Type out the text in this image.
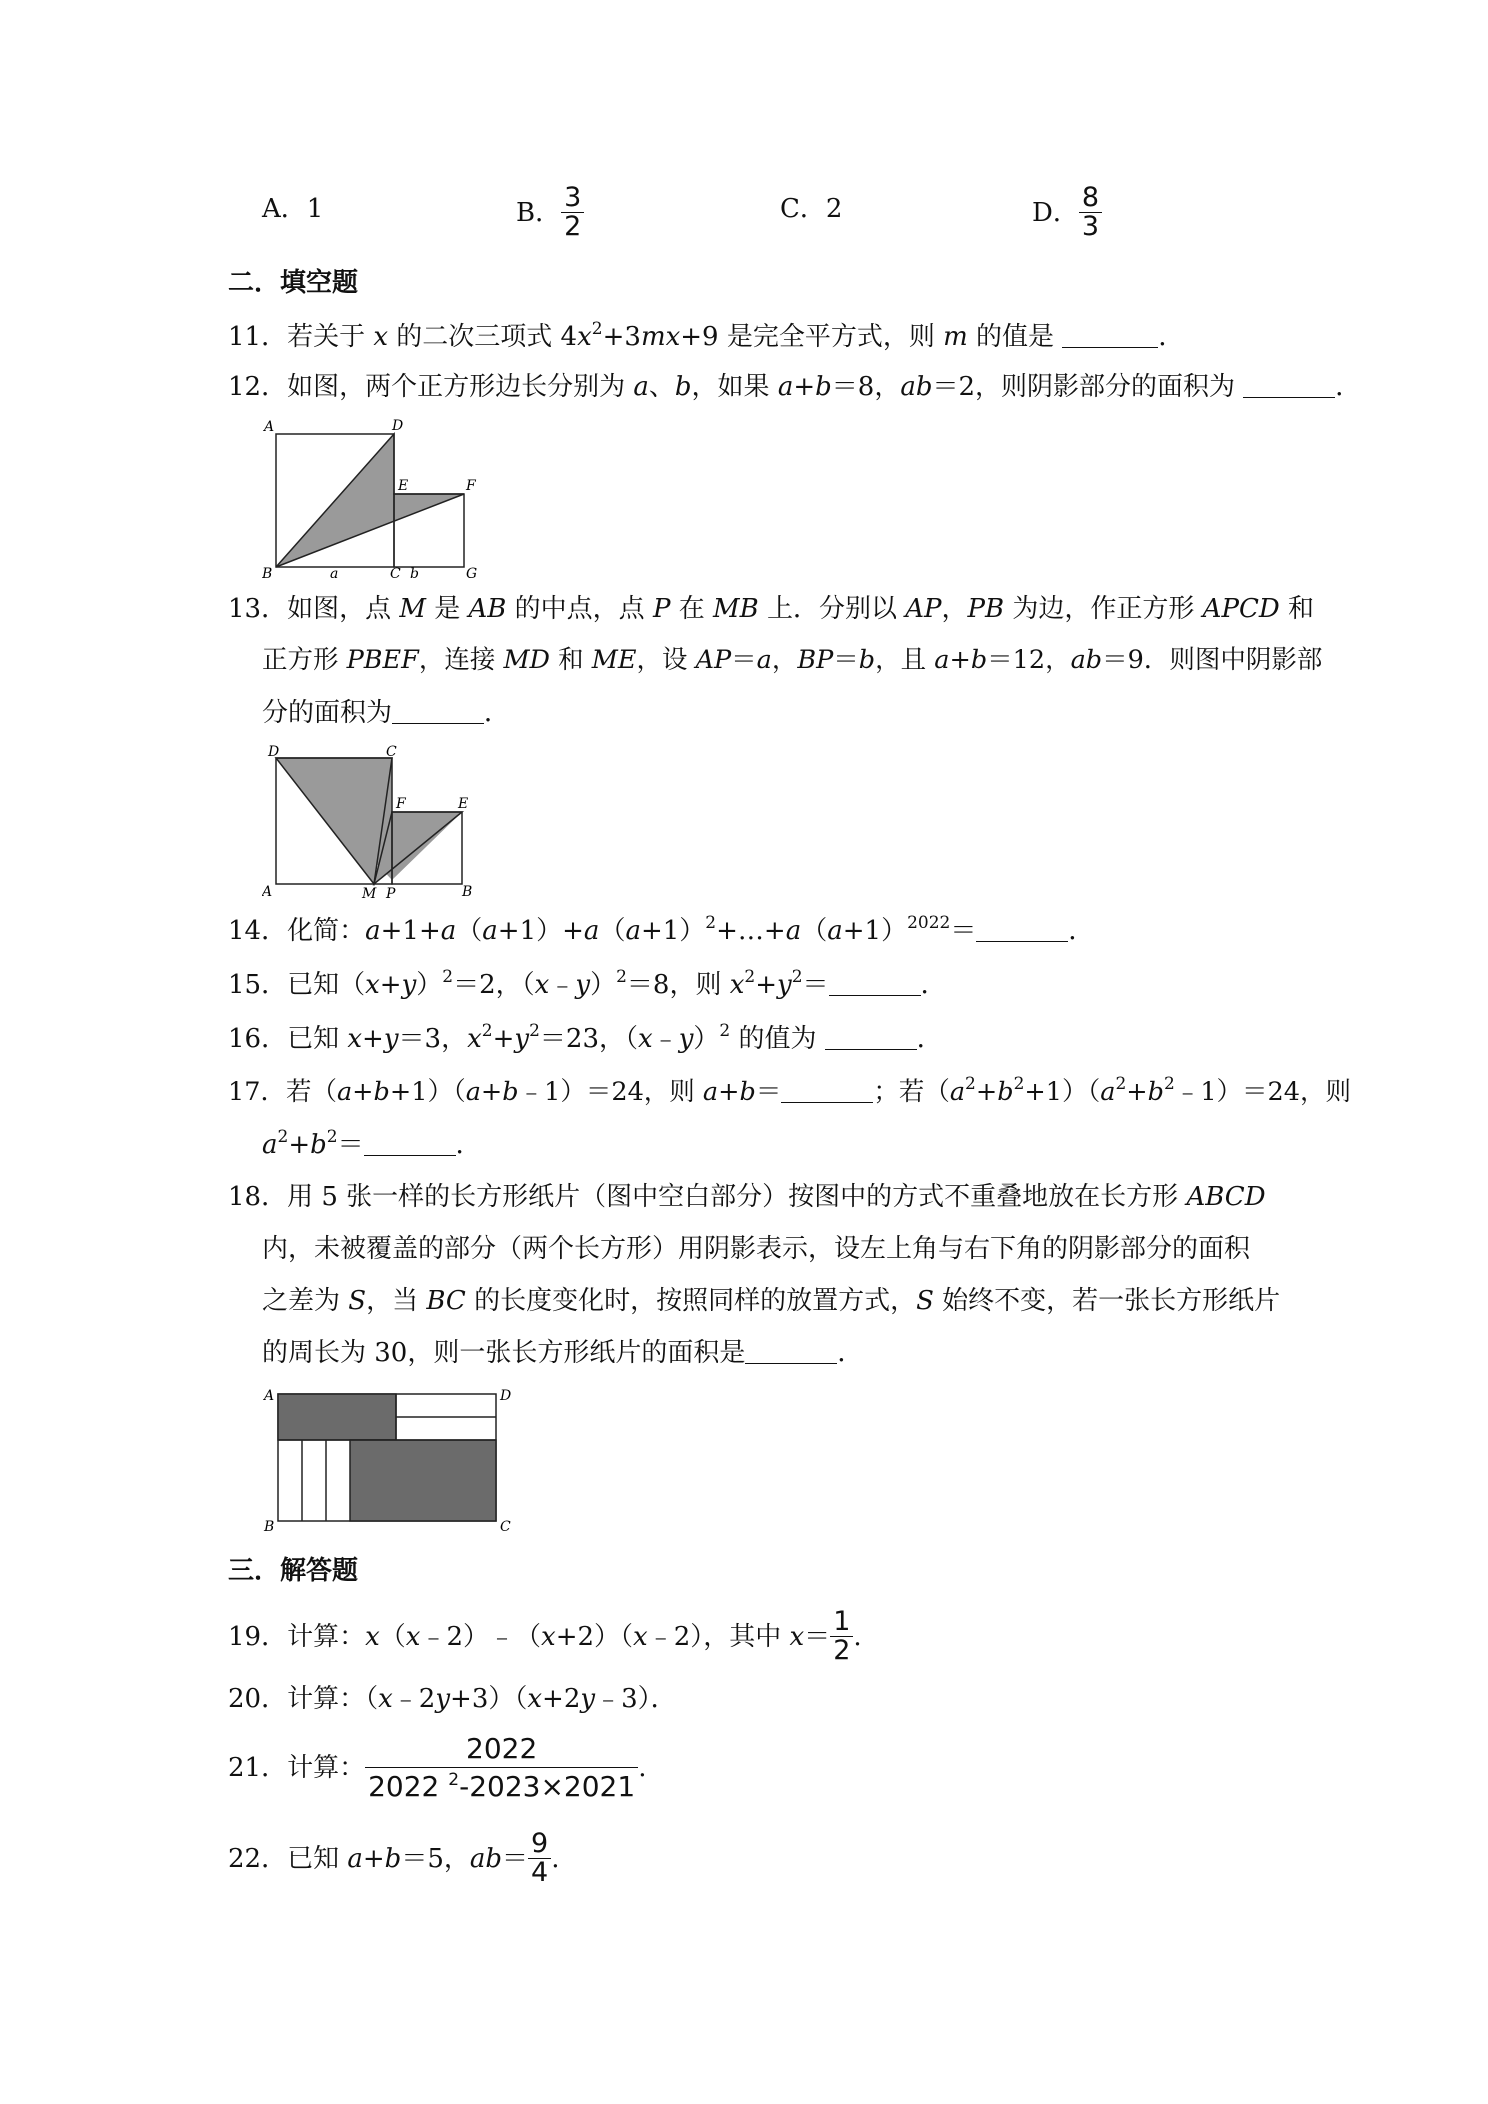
A．1	B． $\frac{3}{2}$	C．2	D． $\frac{8}{3}$
二．填空题
11．若关于 x 的二次三项式 $4x^2+3mx+9$ 是完全平方式，则 m 的值是	．
12．如图，两个正方形边长分别为 a、b，如果 a+b＝8，ab＝2，则阴影部分的面积为	．
A	D
E	F
B	C	G
a	b
13．如图，点 M 是 AB 的中点，点 P 在 MB 上．分别以 AP，PB 为边，作正方形 APCD 和
正方形 PBEF，连接 MD 和 ME，设 AP＝a，BP＝b，且 a+b＝12，ab＝9．则图中阴影部
分的面积为	．
D	C
F	E
A	M P	B
14．化简：$a+1+a(a+1)+a(a+1)^2+\dots+a(a+1)^{2022}=$	．
15．已知$(x+y)^2=2$，（x﹣y）$^2$＝8，则 $x^2+y^2=$	．
16．已知 x+y＝3，$x^2+y^2=23$，（x﹣y）$^2$ 的值为	．
17．若（a+b+1）（a+b﹣1）＝24，则 a+b＝	；若$(a^2+b^2+1)(a^2+b^2﹣1)=24$，则
$a^2+b^2=$	．
18．用 5 张一样的长方形纸片（图中空白部分）按图中的方式不重叠地放在长方形 ABCD
内，未被覆盖的部分（两个长方形）用阴影表示，设左上角与右下角的阴影部分的面积
之差为 S，当 BC 的长度变化时，按照同样的放置方式，S 始终不变，若一张长方形纸片
的周长为 30，则一张长方形纸片的面积是	．
A	D
B	C
三．解答题
19．计算：x（x﹣2）﹣（x+2）（x﹣2），其中 $x= \frac{1}{2}$ .
20．计算：（x﹣2y+3）（x+2y﹣3）．
21．计算： $\frac{2022}{2022 ^2-2023\times 2021}$ .
22．已知 a+b＝5，$ab= \frac{9}{4}$ .
